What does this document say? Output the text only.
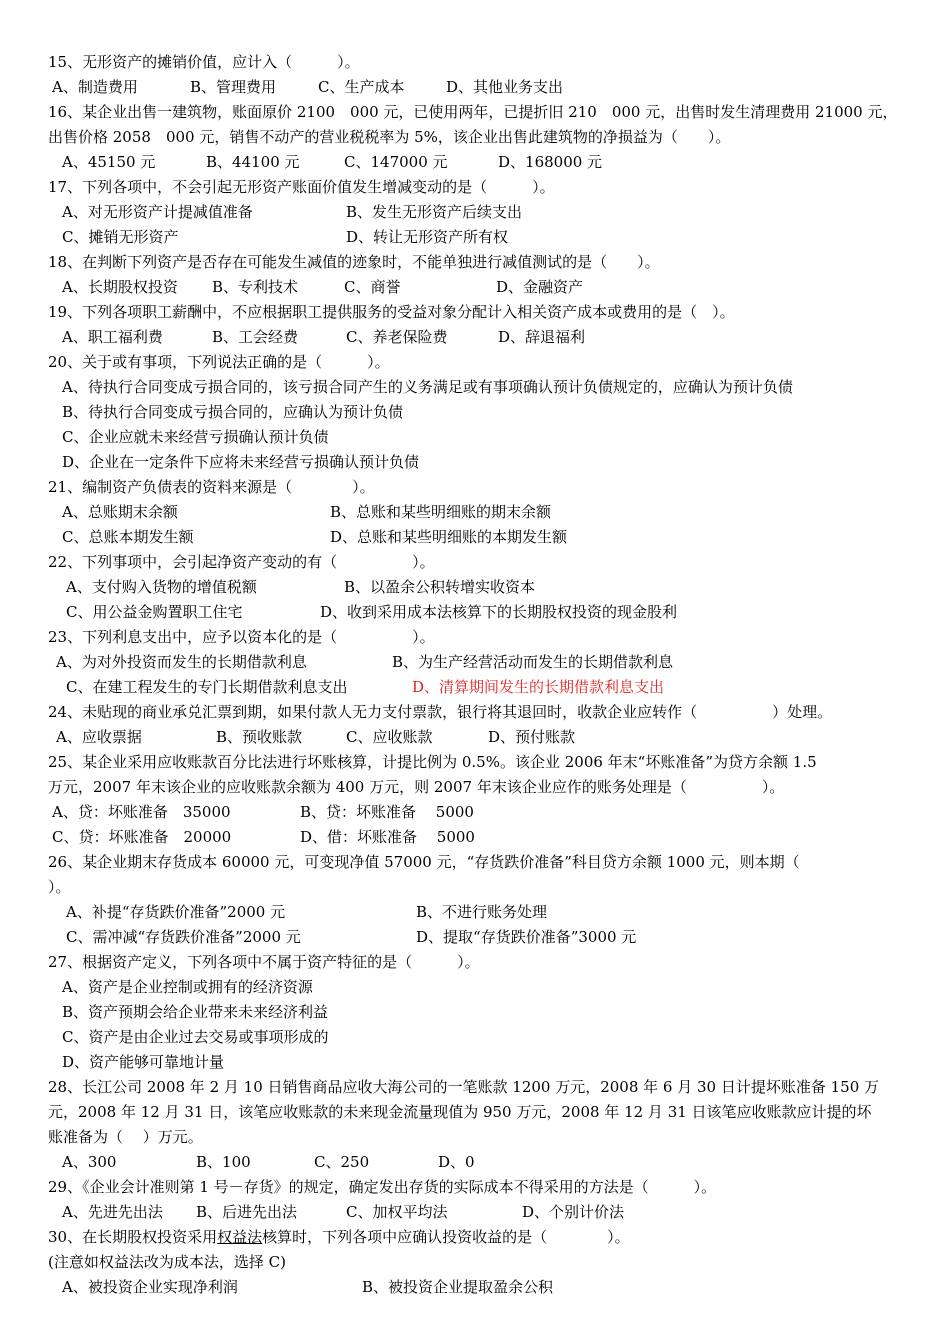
15、无形资产的摊销价值，应计入（　　　）。
A、制造费用	B、管理费用	C、生产成本	D、其他业务支出
16、某企业出售一建筑物，账面原价 2100　000 元，已使用两年，已提折旧 210　000 元，出售时发生清理费用 21000 元，
出售价格 2058　000 元，销售不动产的营业税税率为 5%，该企业出售此建筑物的净损益为（　　）。
A、45150 元	B、44100 元	C、147000 元	D、168000 元
17、下列各项中，不会引起无形资产账面价值发生增减变动的是（　　　）。
A、对无形资产计提减值准备	B、发生无形资产后续支出
C、摊销无形资产	D、转让无形资产所有权
18、在判断下列资产是否存在可能发生减值的迹象时，不能单独进行减值测试的是（　　）。
A、长期股权投资 B、专利技术	C、商誉	D、金融资产
19、下列各项职工薪酬中，不应根据职工提供服务的受益对象分配计入相关资产成本或费用的是（　）。
A、职工福利费	B、工会经费	C、养老保险费	D、辞退福利
20、关于或有事项，下列说法正确的是（　　　）。
A、待执行合同变成亏损合同的，该亏损合同产生的义务满足或有事项确认预计负债规定的，应确认为预计负债
B、待执行合同变成亏损合同的，应确认为预计负债
C、企业应就未来经营亏损确认预计负债
D、企业在一定条件下应将未来经营亏损确认预计负债
21、编制资产负债表的资料来源是（　　　　）。
A、总账期末余额	B、总账和某些明细账的期末余额
C、总账本期发生额	D、总账和某些明细账的本期发生额
22、下列事项中，会引起净资产变动的有（　　　　　）。
A、支付购入货物的增值税额	B、以盈余公积转增实收资本
C、用公益金购置职工住宅	D、收到采用成本法核算下的长期股权投资的现金股利
23、下列利息支出中，应予以资本化的是（　　　　　）。
A、为对外投资而发生的长期借款利息	B、为生产经营活动而发生的长期借款利息
C、在建工程发生的专门长期借款利息支出	D、清算期间发生的长期借款利息支出
24、未贴现的商业承兑汇票到期，如果付款人无力支付票款，银行将其退回时，收款企业应转作（　　　　　）处理。
A、应收票据	B、预收账款	C、应收账款	D、预付账款
25、某企业采用应收账款百分比法进行坏账核算，计提比例为 0.5%。该企业 2006 年末“坏账准备”为贷方余额 1.5
万元，2007 年末该企业的应收账款余额为 400 万元，则 2007 年末该企业应作的账务处理是（　　　　　）。
A、贷：坏账准备　35000	B、贷：坏账准备　 5000
C、贷：坏账准备　20000	D、借：坏账准备　 5000
26、某企业期末存货成本 60000 元，可变现净值 57000 元，“存货跌价准备”科目贷方余额 1000 元，则本期（
）。
A、补提“存货跌价准备”2000 元	B、不进行账务处理
C、需冲减“存货跌价准备”2000 元	D、提取“存货跌价准备”3000 元
27、根据资产定义，下列各项中不属于资产特征的是（　　　）。
A、资产是企业控制或拥有的经济资源
B、资产预期会给企业带来未来经济利益
C、资产是由企业过去交易或事项形成的
D、资产能够可靠地计量
28、长江公司 2008 年 2 月 10 日销售商品应收大海公司的一笔账款 1200 万元，2008 年 6 月 30 日计提坏账准备 150 万
元，2008 年 12 月 31 日，该笔应收账款的未来现金流量现值为 950 万元，2008 年 12 月 31 日该笔应收账款应计提的坏
账准备为（　 ）万元。
A、300	B、100	C、250	D、0
29、《企业会计准则第 1 号－存货》的规定，确定发出存货的实际成本不得采用的方法是（　　　）。
A、先进先出法 B、后进先出法	C、加权平均法	D、个别计价法
30、在长期股权投资采用权益法核算时，下列各项中应确认投资收益的是（　　　　）。
(注意如权益法改为成本法，选择 C)
A、被投资企业实现净利润	B、被投资企业提取盈余公积
